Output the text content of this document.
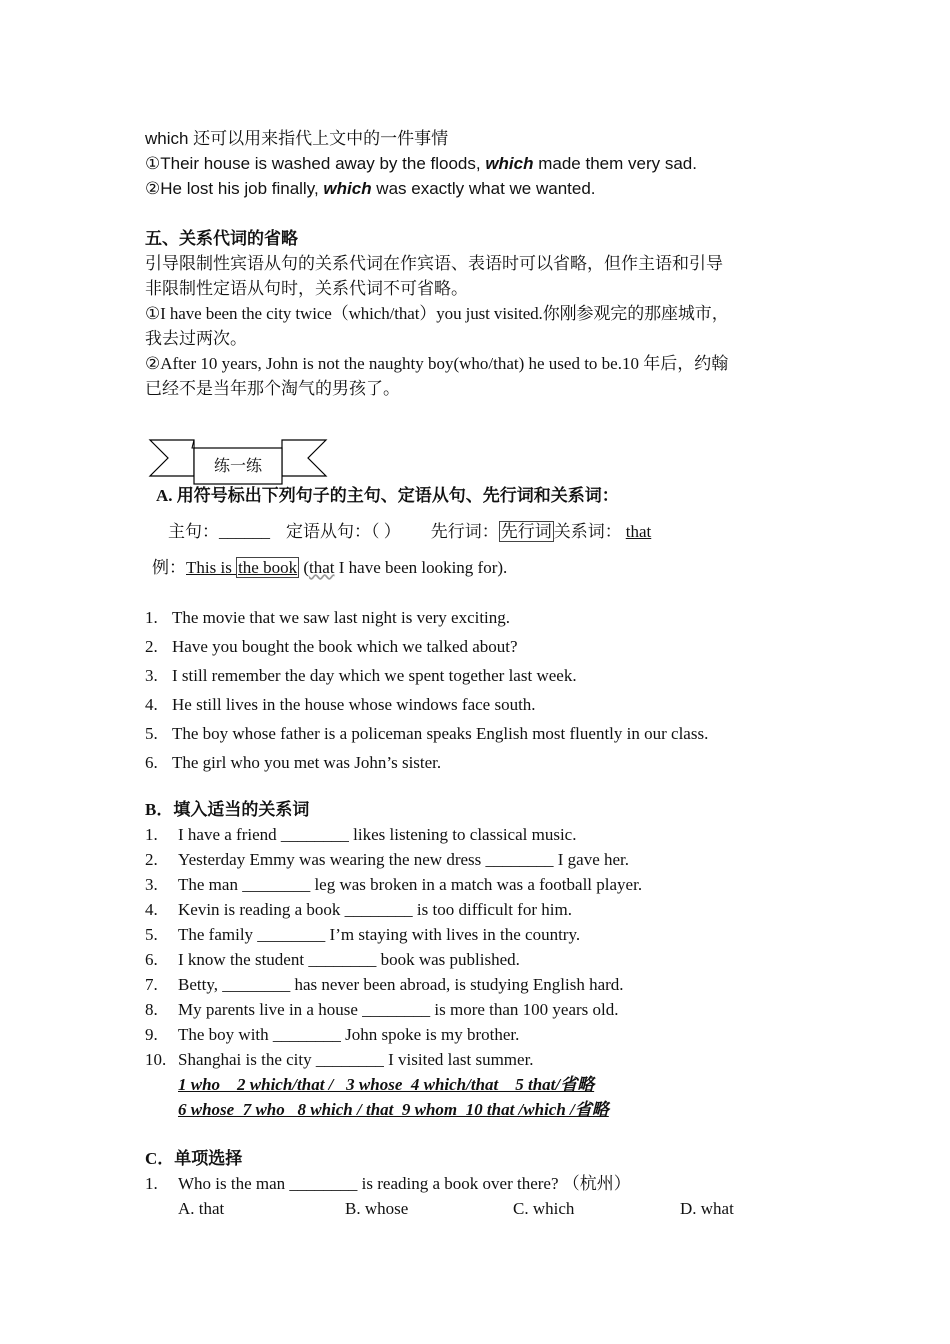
which 还可以用来指代上文中的一件事情
①Their house is washed away by the floods, which made them very sad.
②He lost his job finally, which was exactly what we wanted.
五、关系代词的省略
引导限制性宾语从句的关系代词在作宾语、表语时可以省略，但作主语和引导
非限制性定语从句时，关系代词不可省略。
①I have been the city twice（which/that）you just visited.你刚参观完的那座城市，
我去过两次。
②After 10 years, John is not the naughty boy(who/that) he used to be.10 年后，约翰
已经不是当年那个淘气的男孩了。
练一练
A. 用符号标出下列句子的主句、定语从句、先行词和关系词：
主句：______ 定语从句：（ ） 先行词： 先行词 关系词： that
例：This is the book (that I have been looking for).
1. The movie that we saw last night is very exciting.
2. Have you bought the book which we talked about?
3. I still remember the day which we spent together last week.
4. He still lives in the house whose windows face south.
5. The boy whose father is a policeman speaks English most fluently in our class.
6. The girl who you met was John’s sister.
B．填入适当的关系词
1. I have a friend ________ likes listening to classical music.
2. Yesterday Emmy was wearing the new dress ________ I gave her.
3. The man ________ leg was broken in a match was a football player.
4. Kevin is reading a book ________ is too difficult for him.
5. The family ________ I’m staying with lives in the country.
6. I know the student ________ book was published.
7. Betty, ________ has never been abroad, is studying English hard.
8. My parents live in a house ________ is more than 100 years old.
9. The boy with ________ John spoke is my brother.
10. Shanghai is the city ________ I visited last summer.
1 who    2 which/that /   3 whose  4 which/that    5 that/省略
6 whose  7 who   8 which / that  9 whom  10 that /which /省略
C．单项选择
1. Who is the man ________ is reading a book over there? （杭州）
A. that	B. whose	C. which	D. what
